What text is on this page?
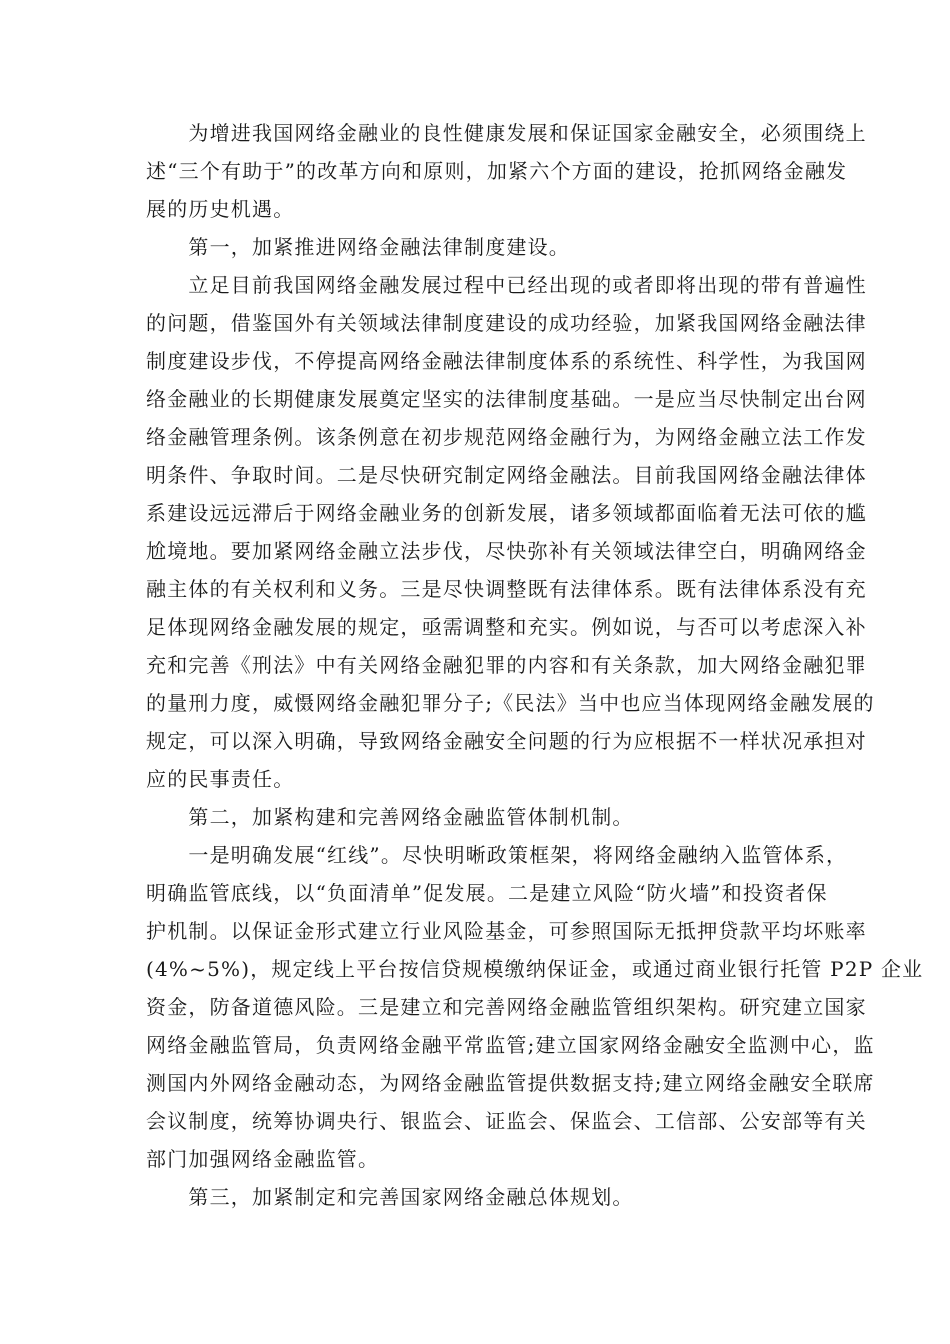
　　为增进我国网络金融业的良性健康发展和保证国家金融安全，必须围绕上
述“三个有助于”的改革方向和原则，加紧六个方面的建设，抢抓网络金融发
展的历史机遇。

　　第一，加紧推进网络金融法律制度建设。

　　立足目前我国网络金融发展过程中已经出现的或者即将出现的带有普遍性
的问题，借鉴国外有关领域法律制度建设的成功经验，加紧我国网络金融法律
制度建设步伐，不停提高网络金融法律制度体系的系统性、科学性，为我国网
络金融业的长期健康发展奠定坚实的法律制度基础。一是应当尽快制定出台网
络金融管理条例。该条例意在初步规范网络金融行为，为网络金融立法工作发
明条件、争取时间。二是尽快研究制定网络金融法。目前我国网络金融法律体
系建设远远滞后于网络金融业务的创新发展，诸多领域都面临着无法可依的尴
尬境地。要加紧网络金融立法步伐，尽快弥补有关领域法律空白，明确网络金
融主体的有关权利和义务。三是尽快调整既有法律体系。既有法律体系没有充
足体现网络金融发展的规定，亟需调整和充实。例如说，与否可以考虑深入补
充和完善《刑法》中有关网络金融犯罪的内容和有关条款，加大网络金融犯罪
的量刑力度，威慑网络金融犯罪分子;《民法》当中也应当体现网络金融发展的
规定，可以深入明确，导致网络金融安全问题的行为应根据不一样状况承担对
应的民事责任。

　　第二，加紧构建和完善网络金融监管体制机制。

　　一是明确发展“红线”。尽快明晰政策框架，将网络金融纳入监管体系，
明确监管底线，以“负面清单”促发展。二是建立风险“防火墙”和投资者保
护机制。以保证金形式建立行业风险基金，可参照国际无抵押贷款平均坏账率
(4%~5%)，规定线上平台按信贷规模缴纳保证金，或通过商业银行托管 P2P 企业
资金，防备道德风险。三是建立和完善网络金融监管组织架构。研究建立国家
网络金融监管局，负责网络金融平常监管;建立国家网络金融安全监测中心，监
测国内外网络金融动态，为网络金融监管提供数据支持;建立网络金融安全联席
会议制度，统筹协调央行、银监会、证监会、保监会、工信部、公安部等有关
部门加强网络金融监管。

　　第三，加紧制定和完善国家网络金融总体规划。
